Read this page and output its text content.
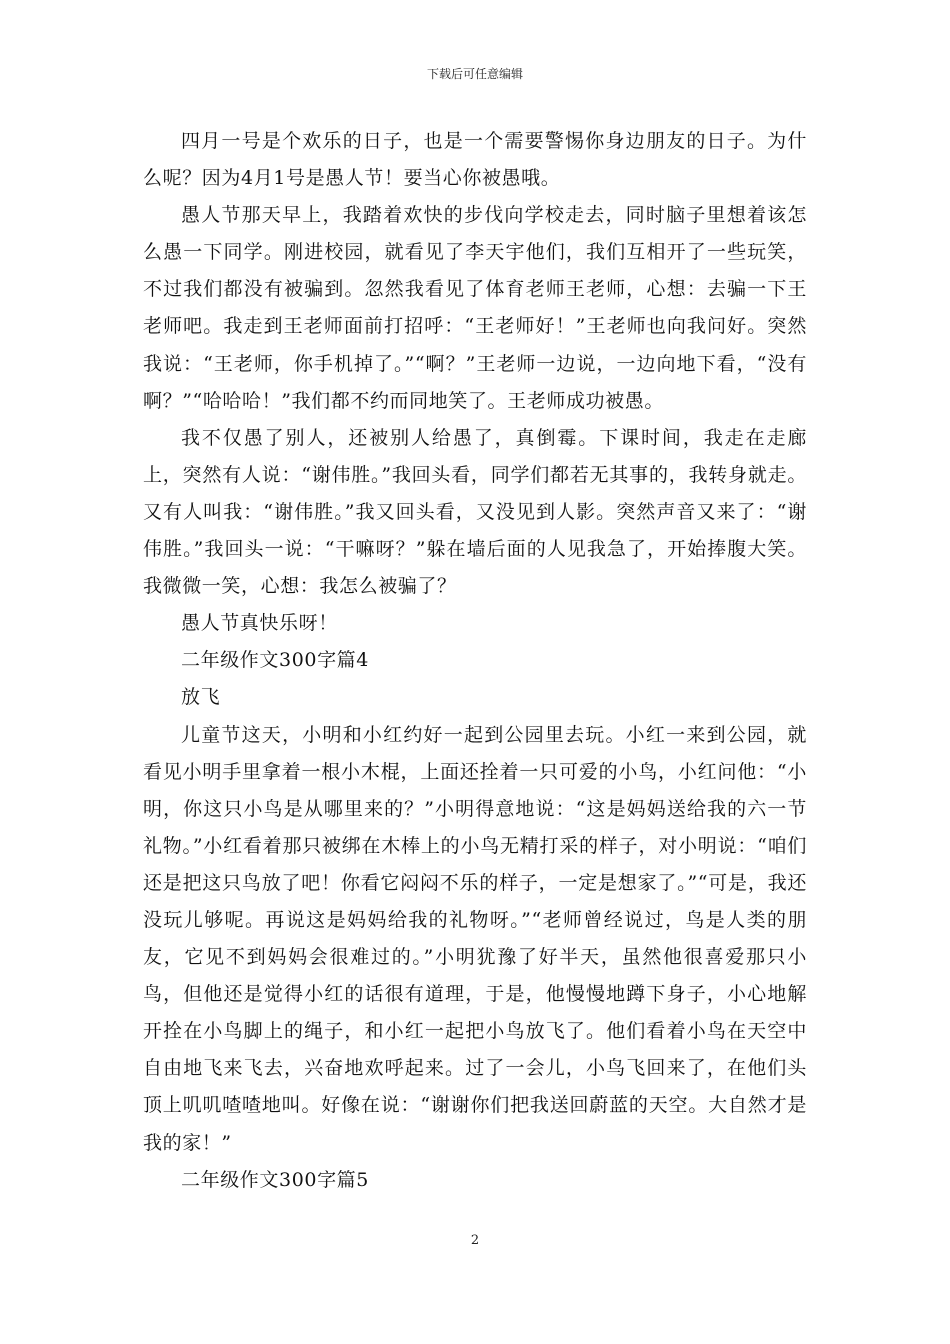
下载后可任意编辑

四月一号是个欢乐的日子，也是一个需要警惕你身边朋友的日子。为什么呢？因为4月1号是愚人节！要当心你被愚哦。

愚人节那天早上，我踏着欢快的步伐向学校走去，同时脑子里想着该怎么愚一下同学。刚进校园，就看见了李天宇他们，我们互相开了一些玩笑，不过我们都没有被骗到。忽然我看见了体育老师王老师，心想：去骗一下王老师吧。我走到王老师面前打招呼：“王老师好！”王老师也向我问好。突然我说：“王老师，你手机掉了。”“啊？”王老师一边说，一边向地下看，“没有啊？”“哈哈哈！”我们都不约而同地笑了。王老师成功被愚。

我不仅愚了别人，还被别人给愚了，真倒霉。下课时间，我走在走廊上，突然有人说：“谢伟胜。”我回头看，同学们都若无其事的，我转身就走。又有人叫我：“谢伟胜。”我又回头看，又没见到人影。突然声音又来了：“谢伟胜。”我回头一说：“干嘛呀？”躲在墙后面的人见我急了，开始捧腹大笑。我微微一笑，心想：我怎么被骗了？

愚人节真快乐呀！

二年级作文300字篇4

放飞

儿童节这天，小明和小红约好一起到公园里去玩。小红一来到公园，就看见小明手里拿着一根小木棍，上面还拴着一只可爱的小鸟，小红问他：“小明，你这只小鸟是从哪里来的？”小明得意地说：“这是妈妈送给我的六一节礼物。”小红看着那只被绑在木棒上的小鸟无精打采的样子，对小明说：“咱们还是把这只鸟放了吧！你看它闷闷不乐的样子，一定是想家了。”“可是，我还没玩儿够呢。再说这是妈妈给我的礼物呀。”“老师曾经说过，鸟是人类的朋友，它见不到妈妈会很难过的。”小明犹豫了好半天，虽然他很喜爱那只小鸟，但他还是觉得小红的话很有道理，于是，他慢慢地蹲下身子，小心地解开拴在小鸟脚上的绳子，和小红一起把小鸟放飞了。他们看着小鸟在天空中自由地飞来飞去，兴奋地欢呼起来。过了一会儿，小鸟飞回来了，在他们头顶上叽叽喳喳地叫。好像在说：“谢谢你们把我送回蔚蓝的天空。大自然才是我的家！”

二年级作文300字篇5

2
